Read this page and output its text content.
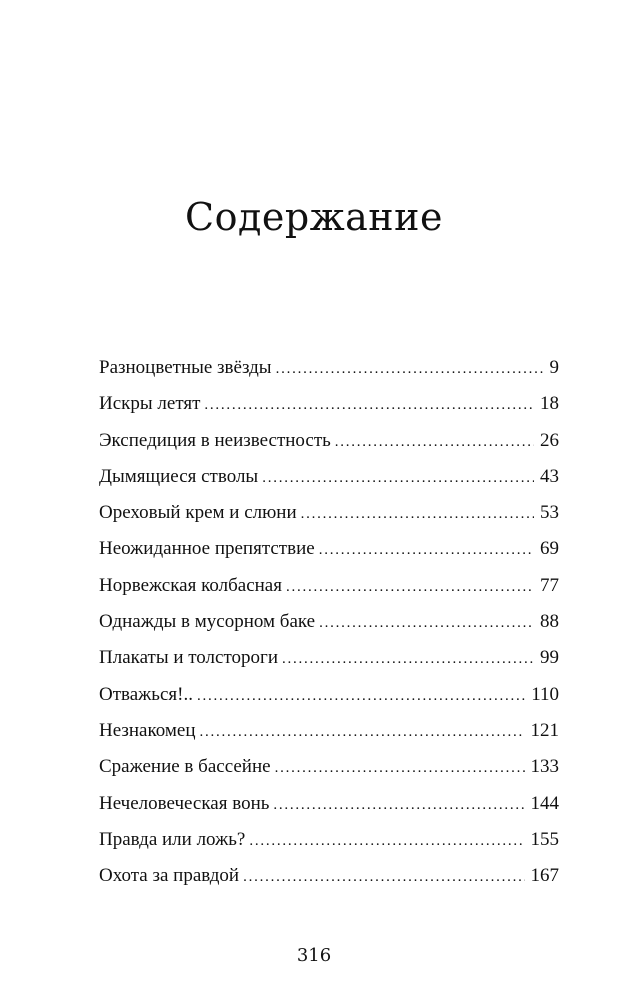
Содержание
Разноцветные звёзды . . .	9
Искры летят . . .	18
Экспедиция в неизвестность . . .	26
Дымящиеся стволы . . .	43
Ореховый крем и слюни . . .	53
Неожиданное препятствие . . .	69
Норвежская колбасная . . .	77
Однажды в мусорном баке . . .	88
Плакаты и толстороги . . .	99
Отважься!.. . . .	110
Незнакомец . . .	121
Сражение в бассейне . . .	133
Нечеловеческая вонь . . .	144
Правда или ложь? . . .	155
Охота за правдой . . .	167
316
